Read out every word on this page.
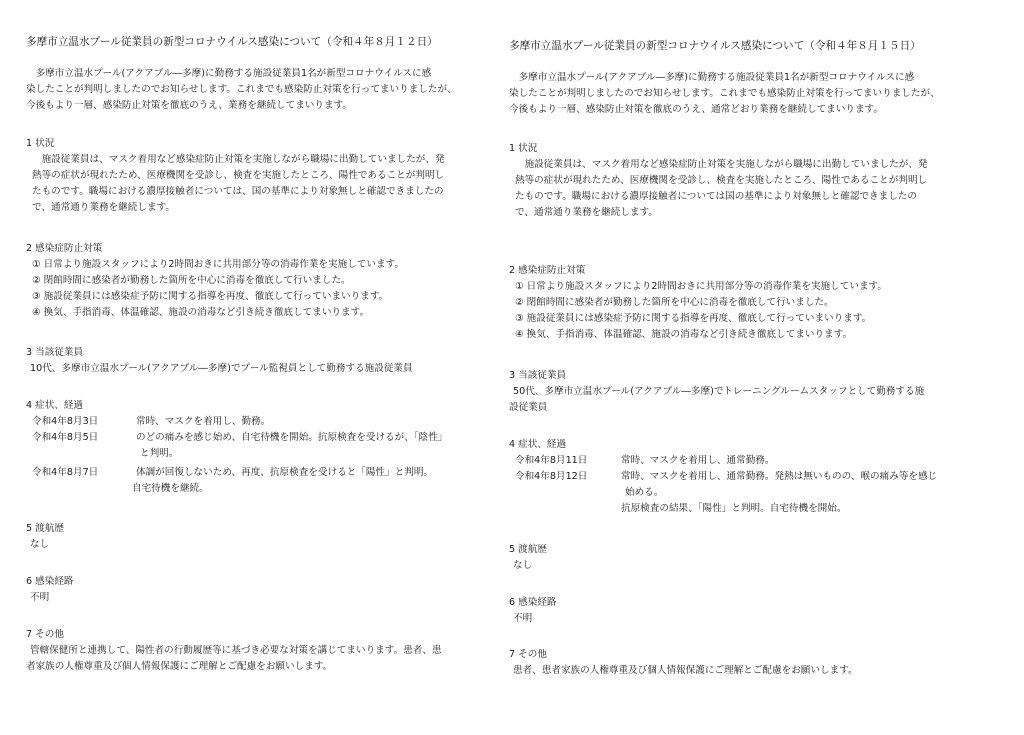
多摩市立温水プール従業員の新型コロナウイルス感染について（令和４年８月１２日）
多摩市立温水プール(アクアブル―多摩)に勤務する施設従業員1名が新型コロナウイルスに感
染したことが判明しましたのでお知らせします。これまでも感染防止対策を行ってまいりましたが、
今後もより一層、感染防止対策を徹底のうえ、業務を継続してまいります。
1 状況
施設従業員は、マスク着用など感染症防止対策を実施しながら職場に出勤していましたが、発
熱等の症状が現れたため、医療機関を受診し、検査を実施したところ、陽性であることが判明し
たものです。職場における濃厚接触者については、国の基準により対象無しと確認できましたの
で、通常通り業務を継続します。
2 感染症防止対策
① 日常より施設スタッフにより2時間おきに共用部分等の消毒作業を実施しています。
② 閉館時間に感染者が勤務した箇所を中心に消毒を徹底して行いました。
③ 施設従業員には感染症予防に関する指導を再度、徹底して行っていまいります。
④ 換気、手指消毒、体温確認、施設の消毒など引き続き徹底してまいります。
3 当該従業員
10代、多摩市立温水プール(アクアブル―多摩)でプール監視員として勤務する施設従業員
4 症状、経過
令和4年8月3日	常時、マスクを着用し、勤務。
令和4年8月5日	のどの痛みを感じ始め、自宅待機を開始。抗原検査を受けるが、「陰性」
と判明。
令和4年8月7日	体調が回復しないため、再度、抗原検査を受けると「陽性」と判明。
自宅待機を継続。
5 渡航歴
なし
6 感染経路
不明
7 その他
管轄保健所と連携して、陽性者の行動履歴等に基づき必要な対策を講じてまいります。患者、患
者家族の人権尊重及び個人情報保護にご理解とご配慮をお願いします。
多摩市立温水プール従業員の新型コロナウイルス感染について（令和４年８月１５日）
多摩市立温水プール(アクアブル―多摩)に勤務する施設従業員1名が新型コロナウイルスに感
染したことが判明しましたのでお知らせします。これまでも感染防止対策を行ってまいりましたが、
今後もより一層、感染防止対策を徹底のうえ、通常どおり業務を継続してまいります。
1 状況
施設従業員は、マスク着用など感染症防止対策を実施しながら職場に出勤していましたが、発
熱等の症状が現れたため、医療機関を受診し、検査を実施したところ、陽性であることが判明し
たものです。職場における濃厚接触者については国の基準により対象無しと確認できましたの
で、通常通り業務を継続します。
2 感染症防止対策
① 日常より施設スタッフにより2時間おきに共用部分等の消毒作業を実施しています。
② 閉館時間に感染者が勤務した箇所を中心に消毒を徹底して行いました。
③ 施設従業員には感染症予防に関する指導を再度、徹底して行っていまいります。
④ 換気、手指消毒、体温確認、施設の消毒など引き続き徹底してまいります。
3 当該従業員
50代、多摩市立温水プール(アクアブル―多摩)でトレーニングルームスタッフとして勤務する施
設従業員
4 症状、経過
令和4年8月11日	常時、マスクを着用し、通常勤務。
令和4年8月12日	常時、マスクを着用し、通常勤務。発熱は無いものの、喉の痛み等を感じ
始める。
抗原検査の結果、「陽性」と判明。自宅待機を開始。
5 渡航歴
なし
6 感染経路
不明
7 その他
患者、患者家族の人権尊重及び個人情報保護にご理解とご配慮をお願いします。
